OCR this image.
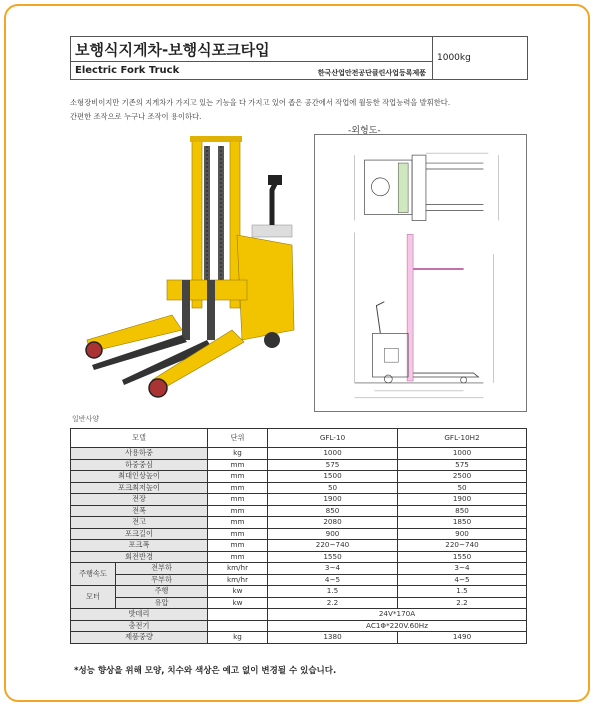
보행식지게차-보행식포크타입
Electric Fork Truck	한국산업안전공단클린사업등록제품
1000kg
소형장비이지만 기존의 지게차가 가지고 있는 기능을 다 가지고 있어 좁은 공간에서 작업에 월등한 작업능력을 발휘한다.
간편한 조작으로 누구나 조작이 용이하다.
-외형도-
일반사양
모델		단위	GFL-10	GFL-10H2
사용하중		kg	1000	1000
하중중심		mm	575	575
최대인상높이		mm	1500	2500
포크최저높이		mm	50	50
전장		mm	1900	1900
전폭		mm	850	850
전고		mm	2080	1850
포크길이		mm	900	900
포크폭		mm	220~740	220~740
회전반경		mm	1550	1550
주행속도	전부하	km/hr	3~4	3~4
	무부하	km/hr	4~5	4~5
모터	주행	kw	1.5	1.5
	유압	kw	2.2	2.2
밧데리			24V*170A	
충전기			AC1Φ*220V.60Hz	
제품중량		kg	1380	1490
*성능 향상을 위해 모양, 치수와 색상은 예고 없이 변경될 수 있습니다.
